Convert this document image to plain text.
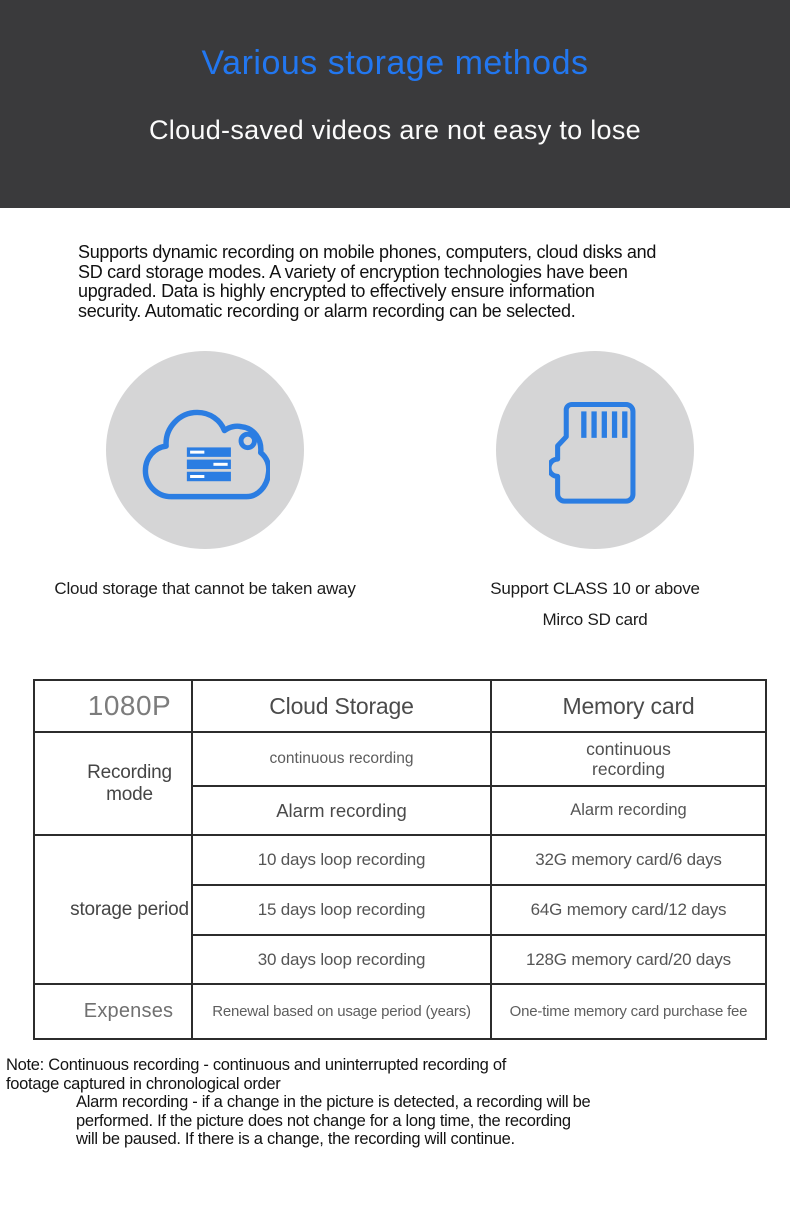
Various storage methods

Cloud-saved videos are not easy to lose

Supports dynamic recording on mobile phones, computers, cloud disks and
SD card storage modes. A variety of encryption technologies have been
upgraded. Data is highly encrypted to effectively ensure information
security. Automatic recording or alarm recording can be selected.

Cloud storage that cannot be taken away	Support CLASS 10 or above

Mirco SD card

1080P	Cloud Storage	Memory card
Recording mode	continuous recording	continuous recording
	Alarm recording	Alarm recording
storage period	10 days loop recording	32G memory card/6 days
	15 days loop recording	64G memory card/12 days
	30 days loop recording	128G memory card/20 days
Expenses	Renewal based on usage period (years)	One-time memory card purchase fee
Note: Continuous recording - continuous and uninterrupted recording of
footage captured in chronological order
Alarm recording - if a change in the picture is detected, a recording will be
performed. If the picture does not change for a long time, the recording
will be paused. If there is a change, the recording will continue.
